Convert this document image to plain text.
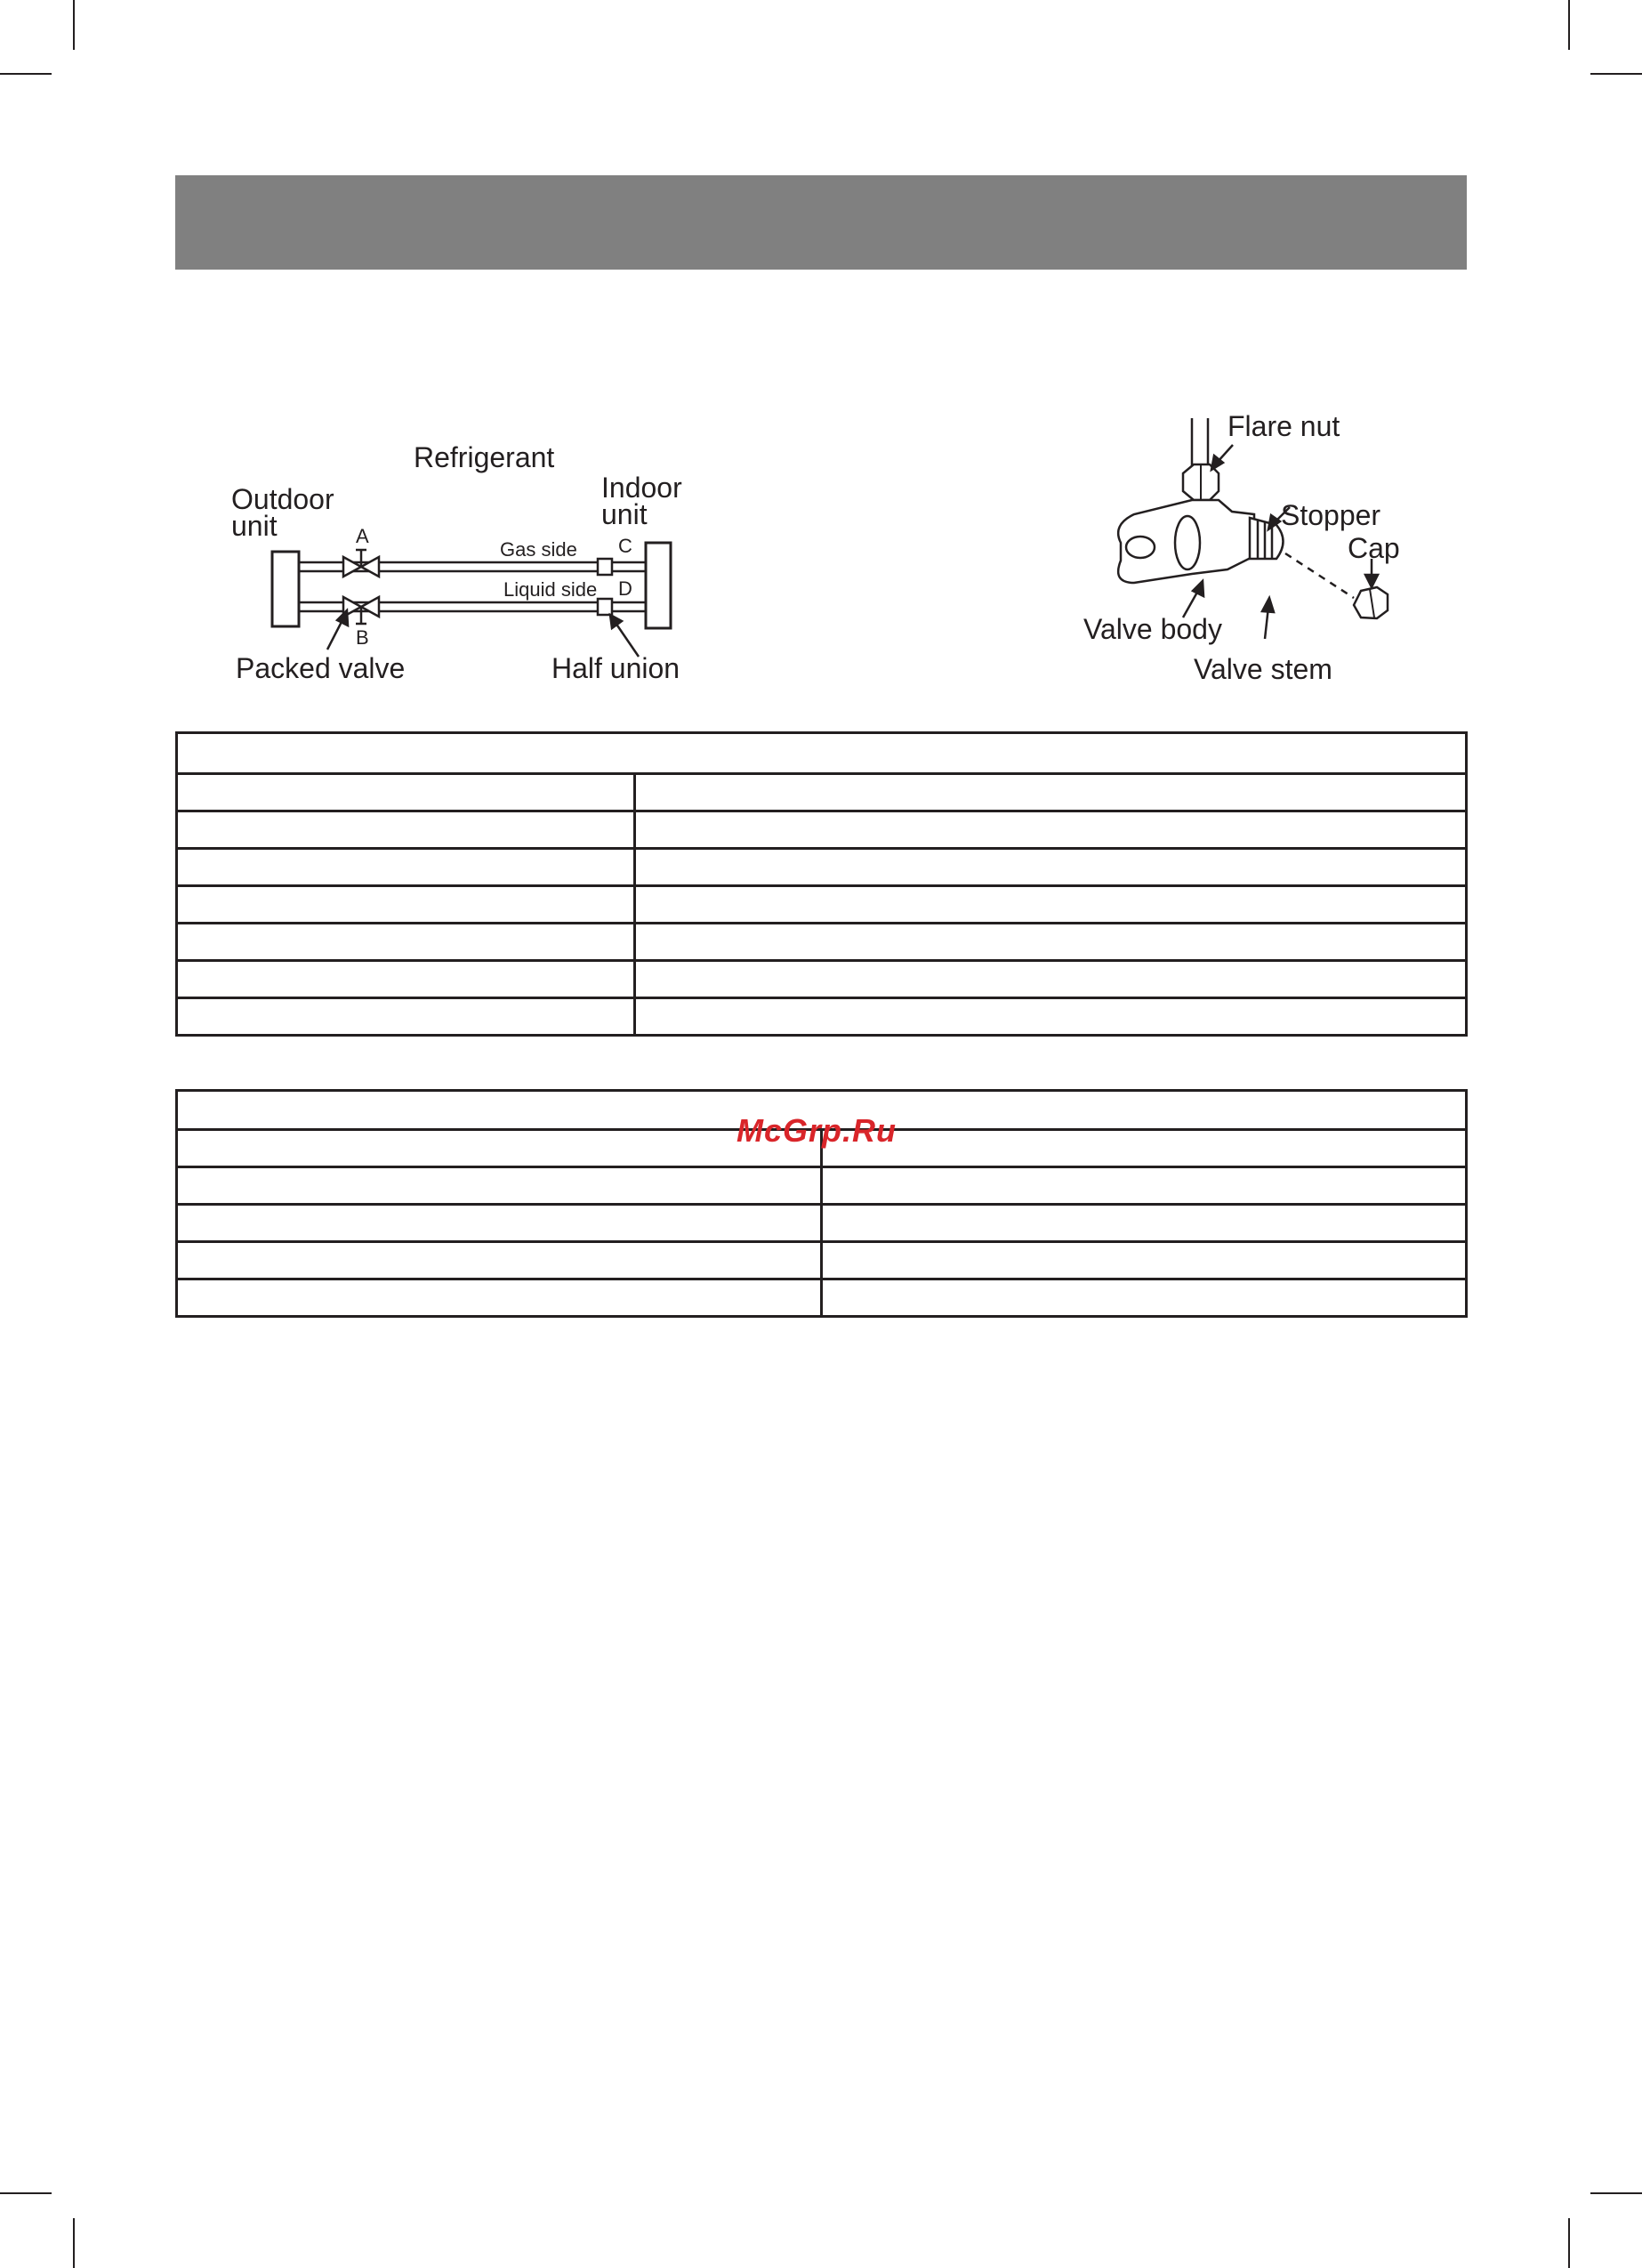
Refrigerant
Outdoor
unit
Indoor
unit
A
B
Gas side
Liquid side
C
D
Packed valve	Half union
Flare nut
Stopper
Cap
Valve body
Valve stem

McGrp.Ru
